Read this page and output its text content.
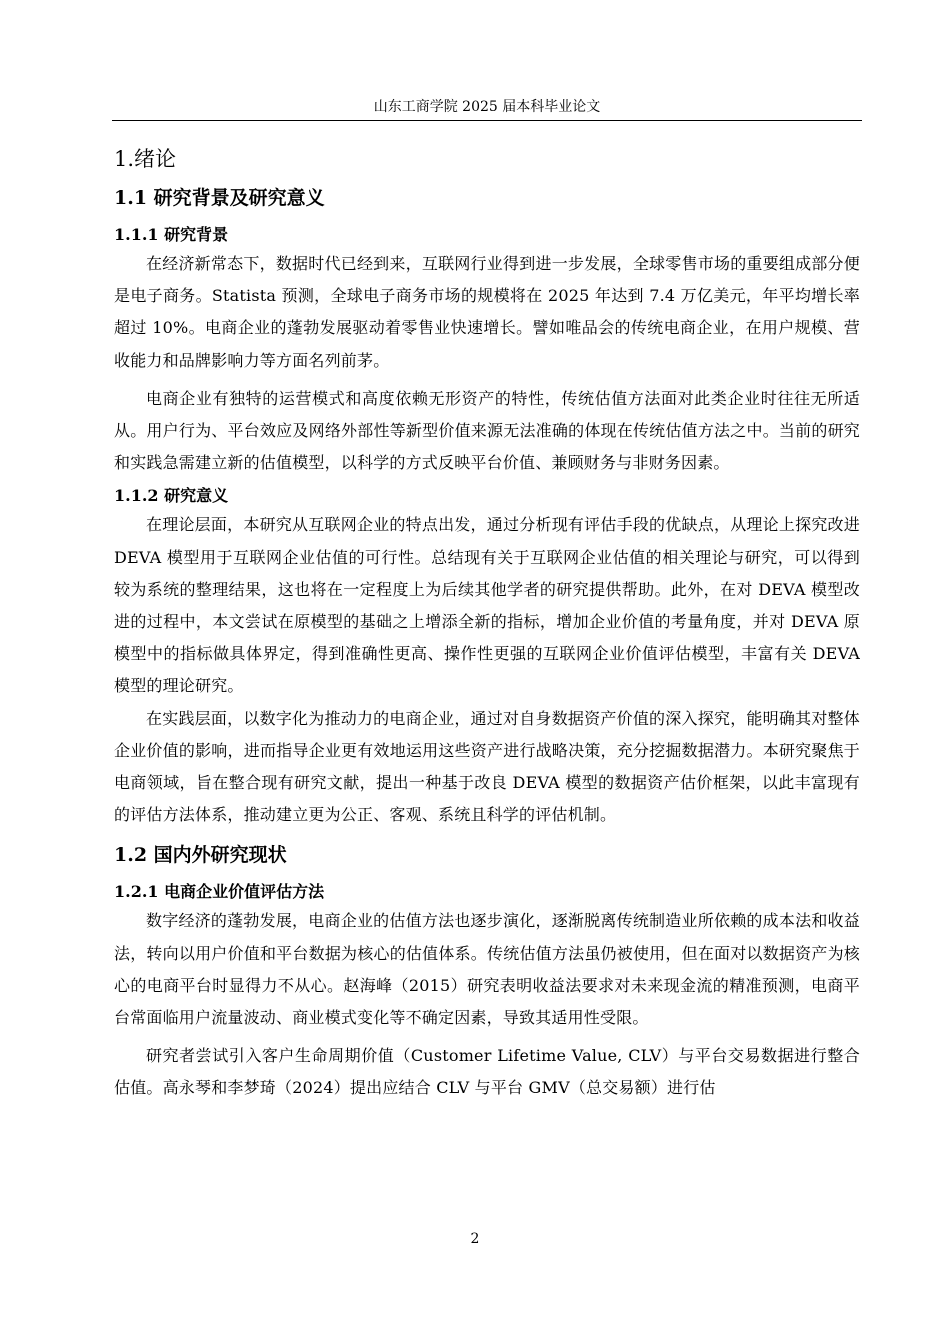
山东工商学院 2025 届本科毕业论文
1.绪论
1.1 研究背景及研究意义
1.1.1 研究背景

在经济新常态下，数据时代已经到来，互联网行业得到进一步发展，全球零售市场的重要组成部分便是电子商务。Statista 预测，全球电子商务市场的规模将在 2025 年达到 7.4 万亿美元，年平均增长率超过 10%。电商企业的蓬勃发展驱动着零售业快速增长。譬如唯品会的传统电商企业，在用户规模、营收能力和品牌影响力等方面名列前茅。

电商企业有独特的运营模式和高度依赖无形资产的特性，传统估值方法面对此类企业时往往无所适从。用户行为、平台效应及网络外部性等新型价值来源无法准确的体现在传统估值方法之中。当前的研究和实践急需建立新的估值模型，以科学的方式反映平台价值、兼顾财务与非财务因素。

1.1.2 研究意义

在理论层面，本研究从互联网企业的特点出发，通过分析现有评估手段的优缺点，从理论上探究改进 DEVA 模型用于互联网企业估值的可行性。总结现有关于互联网企业估值的相关理论与研究，可以得到较为系统的整理结果，这也将在一定程度上为后续其他学者的研究提供帮助。此外，在对 DEVA 模型改进的过程中，本文尝试在原模型的基础之上增添全新的指标，增加企业价值的考量角度，并对 DEVA 原模型中的指标做具体界定，得到准确性更高、操作性更强的互联网企业价值评估模型，丰富有关 DEVA 模型的理论研究。

在实践层面，以数字化为推动力的电商企业，通过对自身数据资产价值的深入探究，能明确其对整体企业价值的影响，进而指导企业更有效地运用这些资产进行战略决策，充分挖掘数据潜力。本研究聚焦于电商领域，旨在整合现有研究文献，提出一种基于改良 DEVA 模型的数据资产估价框架，以此丰富现有的评估方法体系，推动建立更为公正、客观、系统且科学的评估机制。

1.2 国内外研究现状
1.2.1 电商企业价值评估方法

数字经济的蓬勃发展，电商企业的估值方法也逐步演化，逐渐脱离传统制造业所依赖的成本法和收益法，转向以用户价值和平台数据为核心的估值体系。传统估值方法虽仍被使用，但在面对以数据资产为核心的电商平台时显得力不从心。赵海峰（2015）研究表明收益法要求对未来现金流的精准预测，电商平台常面临用户流量波动、商业模式变化等不确定因素，导致其适用性受限。

研究者尝试引入客户生命周期价值（Customer Lifetime Value, CLV）与平台交易数据进行整合估值。高永琴和李梦琦（2024）提出应结合 CLV 与平台 GMV（总交易额）进行估

2
